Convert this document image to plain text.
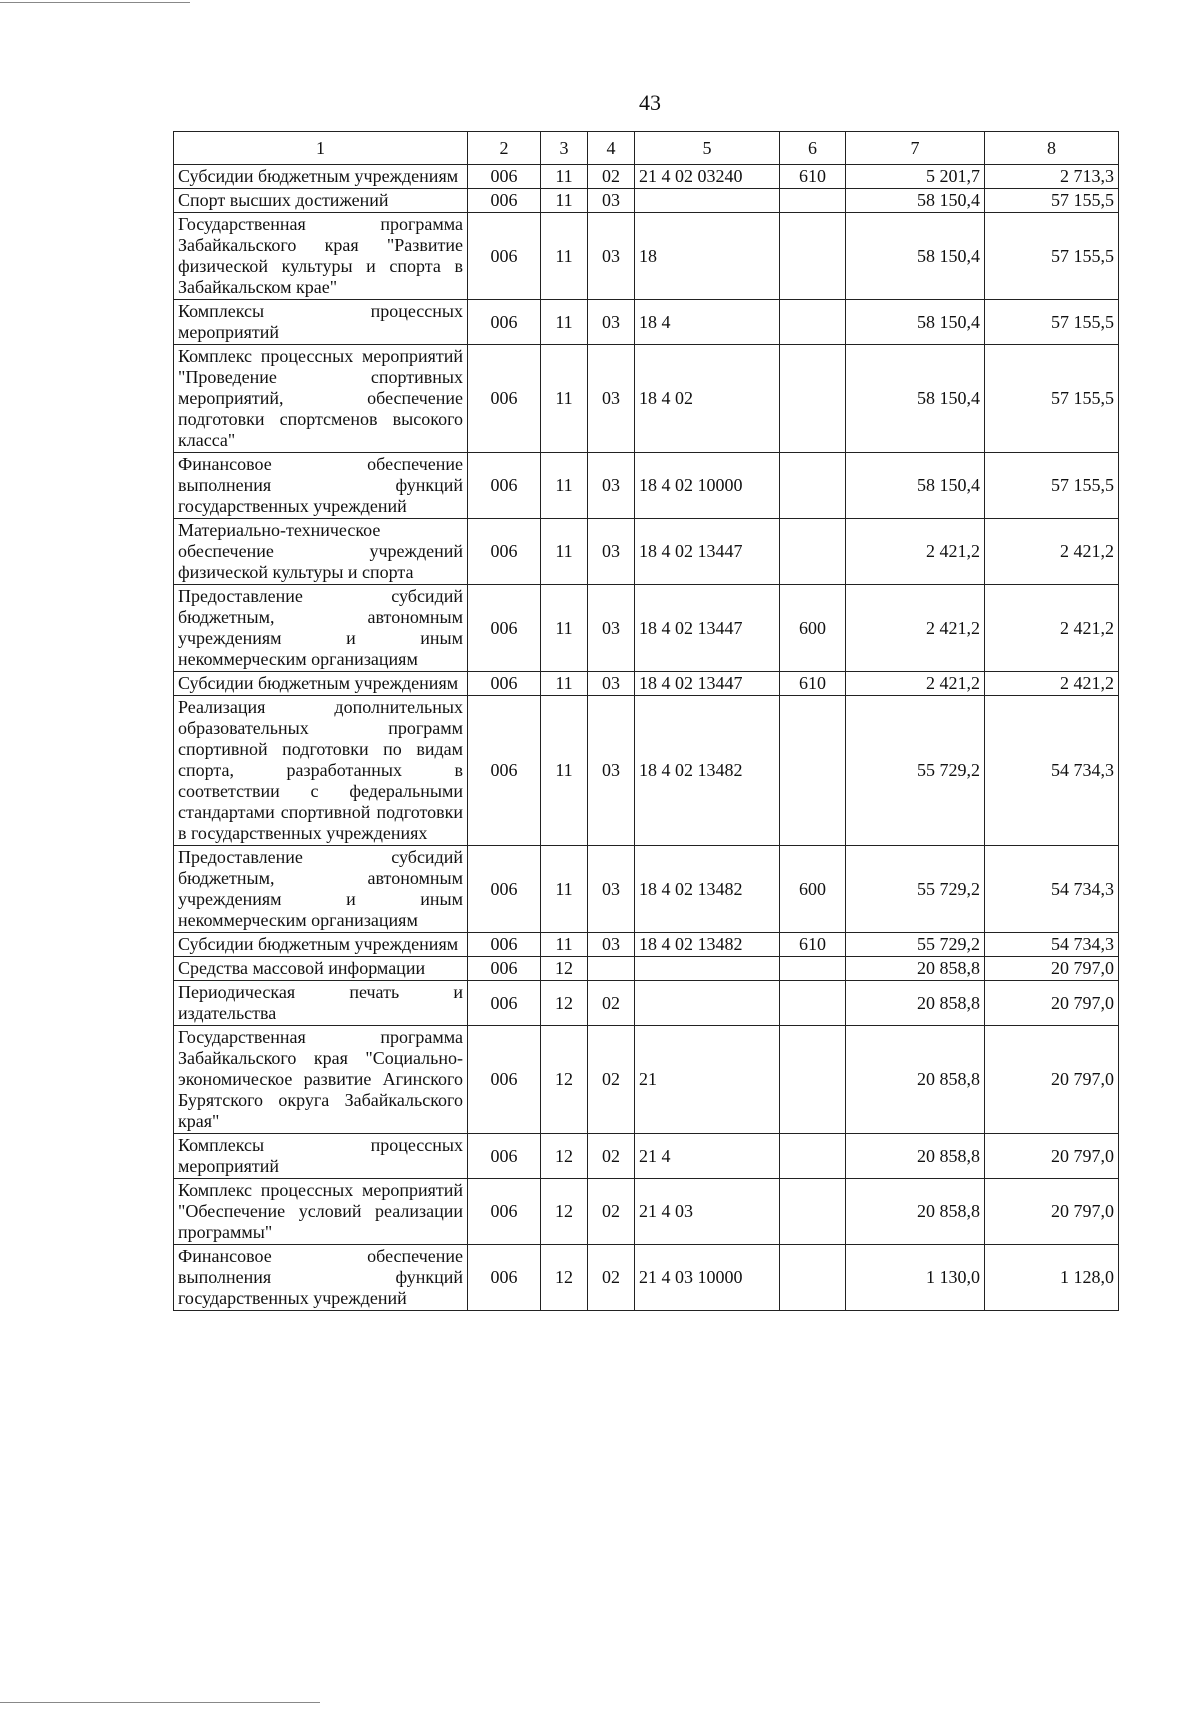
43
1	2	3	4	5	6	7	8
Субсидии бюджетным учреждениям	006	11	02	21 4 02 03240	610	5 201,7	2 713,3
Спорт высших достижений	006	11	03			58 150,4	57 155,5
Государственная программа Забайкальского края "Развитие физической культуры и спорта в Забайкальском крае"	006	11	03	18		58 150,4	57 155,5
Комплексы процессных мероприятий	006	11	03	18 4		58 150,4	57 155,5
Комплекс процессных мероприятий "Проведение спортивных мероприятий, обеспечение подготовки спортсменов высокого класса"	006	11	03	18 4 02		58 150,4	57 155,5
Финансовое обеспечение выполнения функций государственных учреждений	006	11	03	18 4 02 10000		58 150,4	57 155,5
Материально-техническое обеспечение учреждений физической культуры и спорта	006	11	03	18 4 02 13447		2 421,2	2 421,2
Предоставление субсидий бюджетным, автономным учреждениям и иным некоммерческим организациям	006	11	03	18 4 02 13447	600	2 421,2	2 421,2
Субсидии бюджетным учреждениям	006	11	03	18 4 02 13447	610	2 421,2	2 421,2
Реализация дополнительных образовательных программ спортивной подготовки по видам спорта, разработанных в соответствии с федеральными стандартами спортивной подготовки в государственных учреждениях	006	11	03	18 4 02 13482		55 729,2	54 734,3
Предоставление субсидий бюджетным, автономным учреждениям и иным некоммерческим организациям	006	11	03	18 4 02 13482	600	55 729,2	54 734,3
Субсидии бюджетным учреждениям	006	11	03	18 4 02 13482	610	55 729,2	54 734,3
Средства массовой информации	006	12				20 858,8	20 797,0
Периодическая печать и издательства	006	12	02			20 858,8	20 797,0
Государственная программа Забайкальского края "Социально-экономическое развитие Агинского Бурятского округа Забайкальского края"	006	12	02	21		20 858,8	20 797,0
Комплексы процессных мероприятий	006	12	02	21 4		20 858,8	20 797,0
Комплекс процессных мероприятий "Обеспечение условий реализации программы"	006	12	02	21 4 03		20 858,8	20 797,0
Финансовое обеспечение выполнения функций государственных учреждений	006	12	02	21 4 03 10000		1 130,0	1 128,0
